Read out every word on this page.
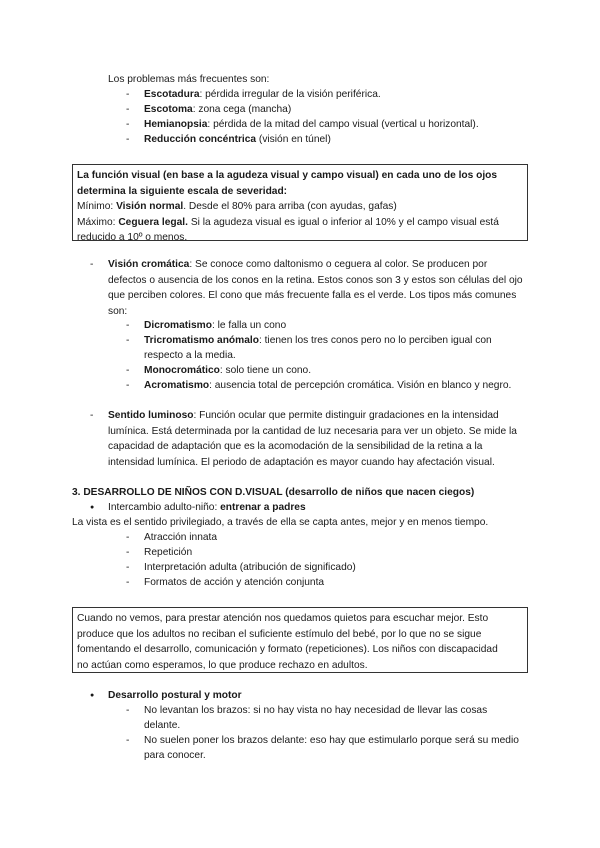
Los problemas más frecuentes son:
- Escotadura: pérdida irregular de la visión periférica.
- Escotoma: zona cega (mancha)
- Hemianopsia: pérdida de la mitad del campo visual (vertical u horizontal).
- Reducción concéntrica (visión en túnel)
La función visual (en base a la agudeza visual y campo visual) en cada uno de los ojos
determina la siguiente escala de severidad:
Mínimo: Visión normal. Desde el 80% para arriba (con ayudas, gafas)
Máximo: Ceguera legal. Si la agudeza visual es igual o inferior al 10% y el campo visual está
reducido a 10º o menos.
- Visión cromática: Se conoce como daltonismo o ceguera al color. Se producen por
defectos o ausencia de los conos en la retina. Estos conos son 3 y estos son células del ojo
que perciben colores. El cono que más frecuente falla es el verde. Los tipos más comunes
son:
- Dicromatismo: le falla un cono
- Tricromatismo anómalo: tienen los tres conos pero no lo perciben igual con
respecto a la media.
- Monocromático: solo tiene un cono.
- Acromatismo: ausencia total de percepción cromática. Visión en blanco y negro.
- Sentido luminoso: Función ocular que permite distinguir gradaciones en la intensidad
lumínica. Está determinada por la cantidad de luz necesaria para ver un objeto. Se mide la
capacidad de adaptación que es la acomodación de la sensibilidad de la retina a la
intensidad lumínica. El periodo de adaptación es mayor cuando hay afectación visual.
3. DESARROLLO DE NIÑOS CON D.VISUAL (desarrollo de niños que nacen ciegos)
● Intercambio adulto-niño: entrenar a padres
La vista es el sentido privilegiado, a través de ella se capta antes, mejor y en menos tiempo.
- Atracción innata
- Repetición
- Interpretación adulta (atribución de significado)
- Formatos de acción y atención conjunta
Cuando no vemos, para prestar atención nos quedamos quietos para escuchar mejor. Esto
produce que los adultos no reciban el suficiente estímulo del bebé, por lo que no se sigue
fomentando el desarrollo, comunicación y formato (repeticiones). Los niños con discapacidad
no actúan como esperamos, lo que produce rechazo en adultos.
● Desarrollo postural y motor
- No levantan los brazos: si no hay vista no hay necesidad de llevar las cosas
delante.
- No suelen poner los brazos delante: eso hay que estimularlo porque será su medio
para conocer.
